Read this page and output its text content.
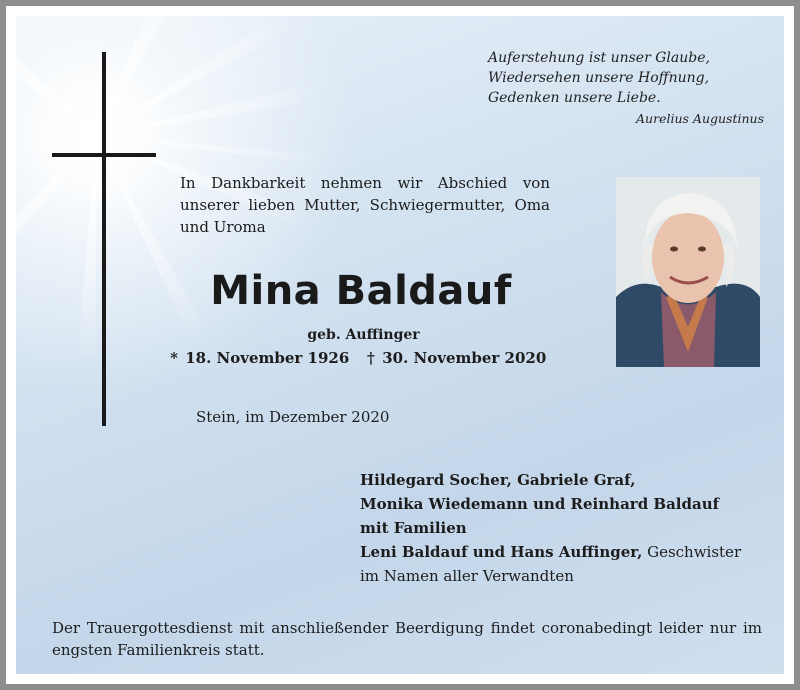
Auferstehung ist unser Glaube,
Wiedersehen unsere Hoffnung,
Gedenken unsere Liebe.
Aurelius Augustinus
In Dankbarkeit nehmen wir Abschied von unserer lieben Mutter, Schwiegermutter, Oma und Uroma
Mina Baldauf
geb. Auffinger
* 18. November 1926 † 30. November 2020
Stein, im Dezember 2020
Hildegard Socher, Gabriele Graf,
Monika Wiedemann und Reinhard Baldauf
mit Familien
Leni Baldauf und Hans Auffinger, Geschwister
im Namen aller Verwandten
Der Trauergottesdienst mit anschließender Beerdigung findet coronabedingt leider nur im engsten Familienkreis statt.
